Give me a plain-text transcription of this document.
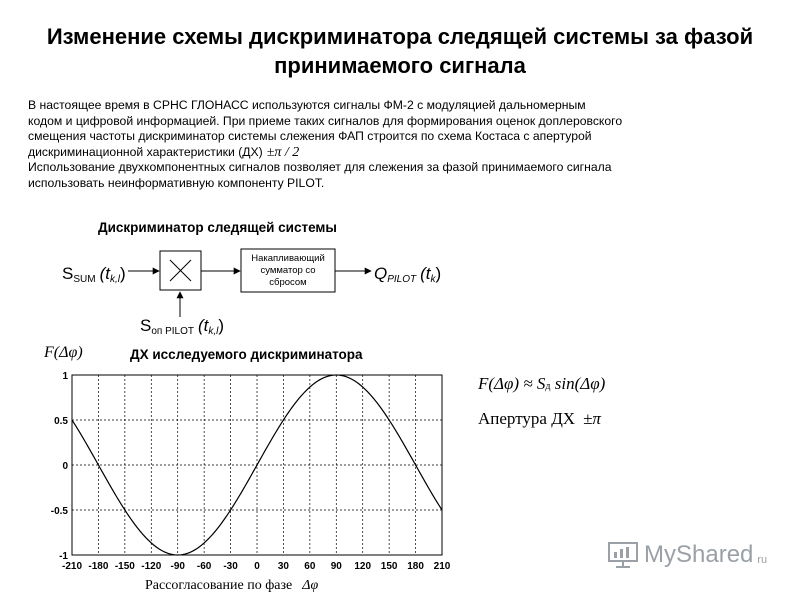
Изменение схемы дискриминатора следящей системы за фазой принимаемого сигнала

В настоящее время в СРНС ГЛОНАСС используются сигналы ФМ-2 с модуляцией дальномерным

кодом и цифровой информацией. При приеме таких сигналов для формирования оценок доплеровского

смещения частоты дискриминатор системы слежения ФАП строится по схема Костаса с апертурой

дискриминационной характеристики (ДХ) ±π / 2

Использование двухкомпонентных сигналов позволяет для слежения за фазой принимаемого сигнала

использовать неинформативную компоненту PILOT.

Дискриминатор следящей системы
SSUM (tk,l)
Накапливающий
сумматор со
сбросом	QPILOT (tk)
Sоп PILOT (tk,l)
F(Δφ)	ДХ исследуемого дискриминатора
-210 -180 -150 -120 -90 -60 -30 0 30 60 90 120 150 180 210
-1
-0.5
0
0.5
1	F(Δφ) ≈ Sд sin(Δφ)
Апертура ДХ ±π
Рассогласование по фазе Δφ
MyShared ru
